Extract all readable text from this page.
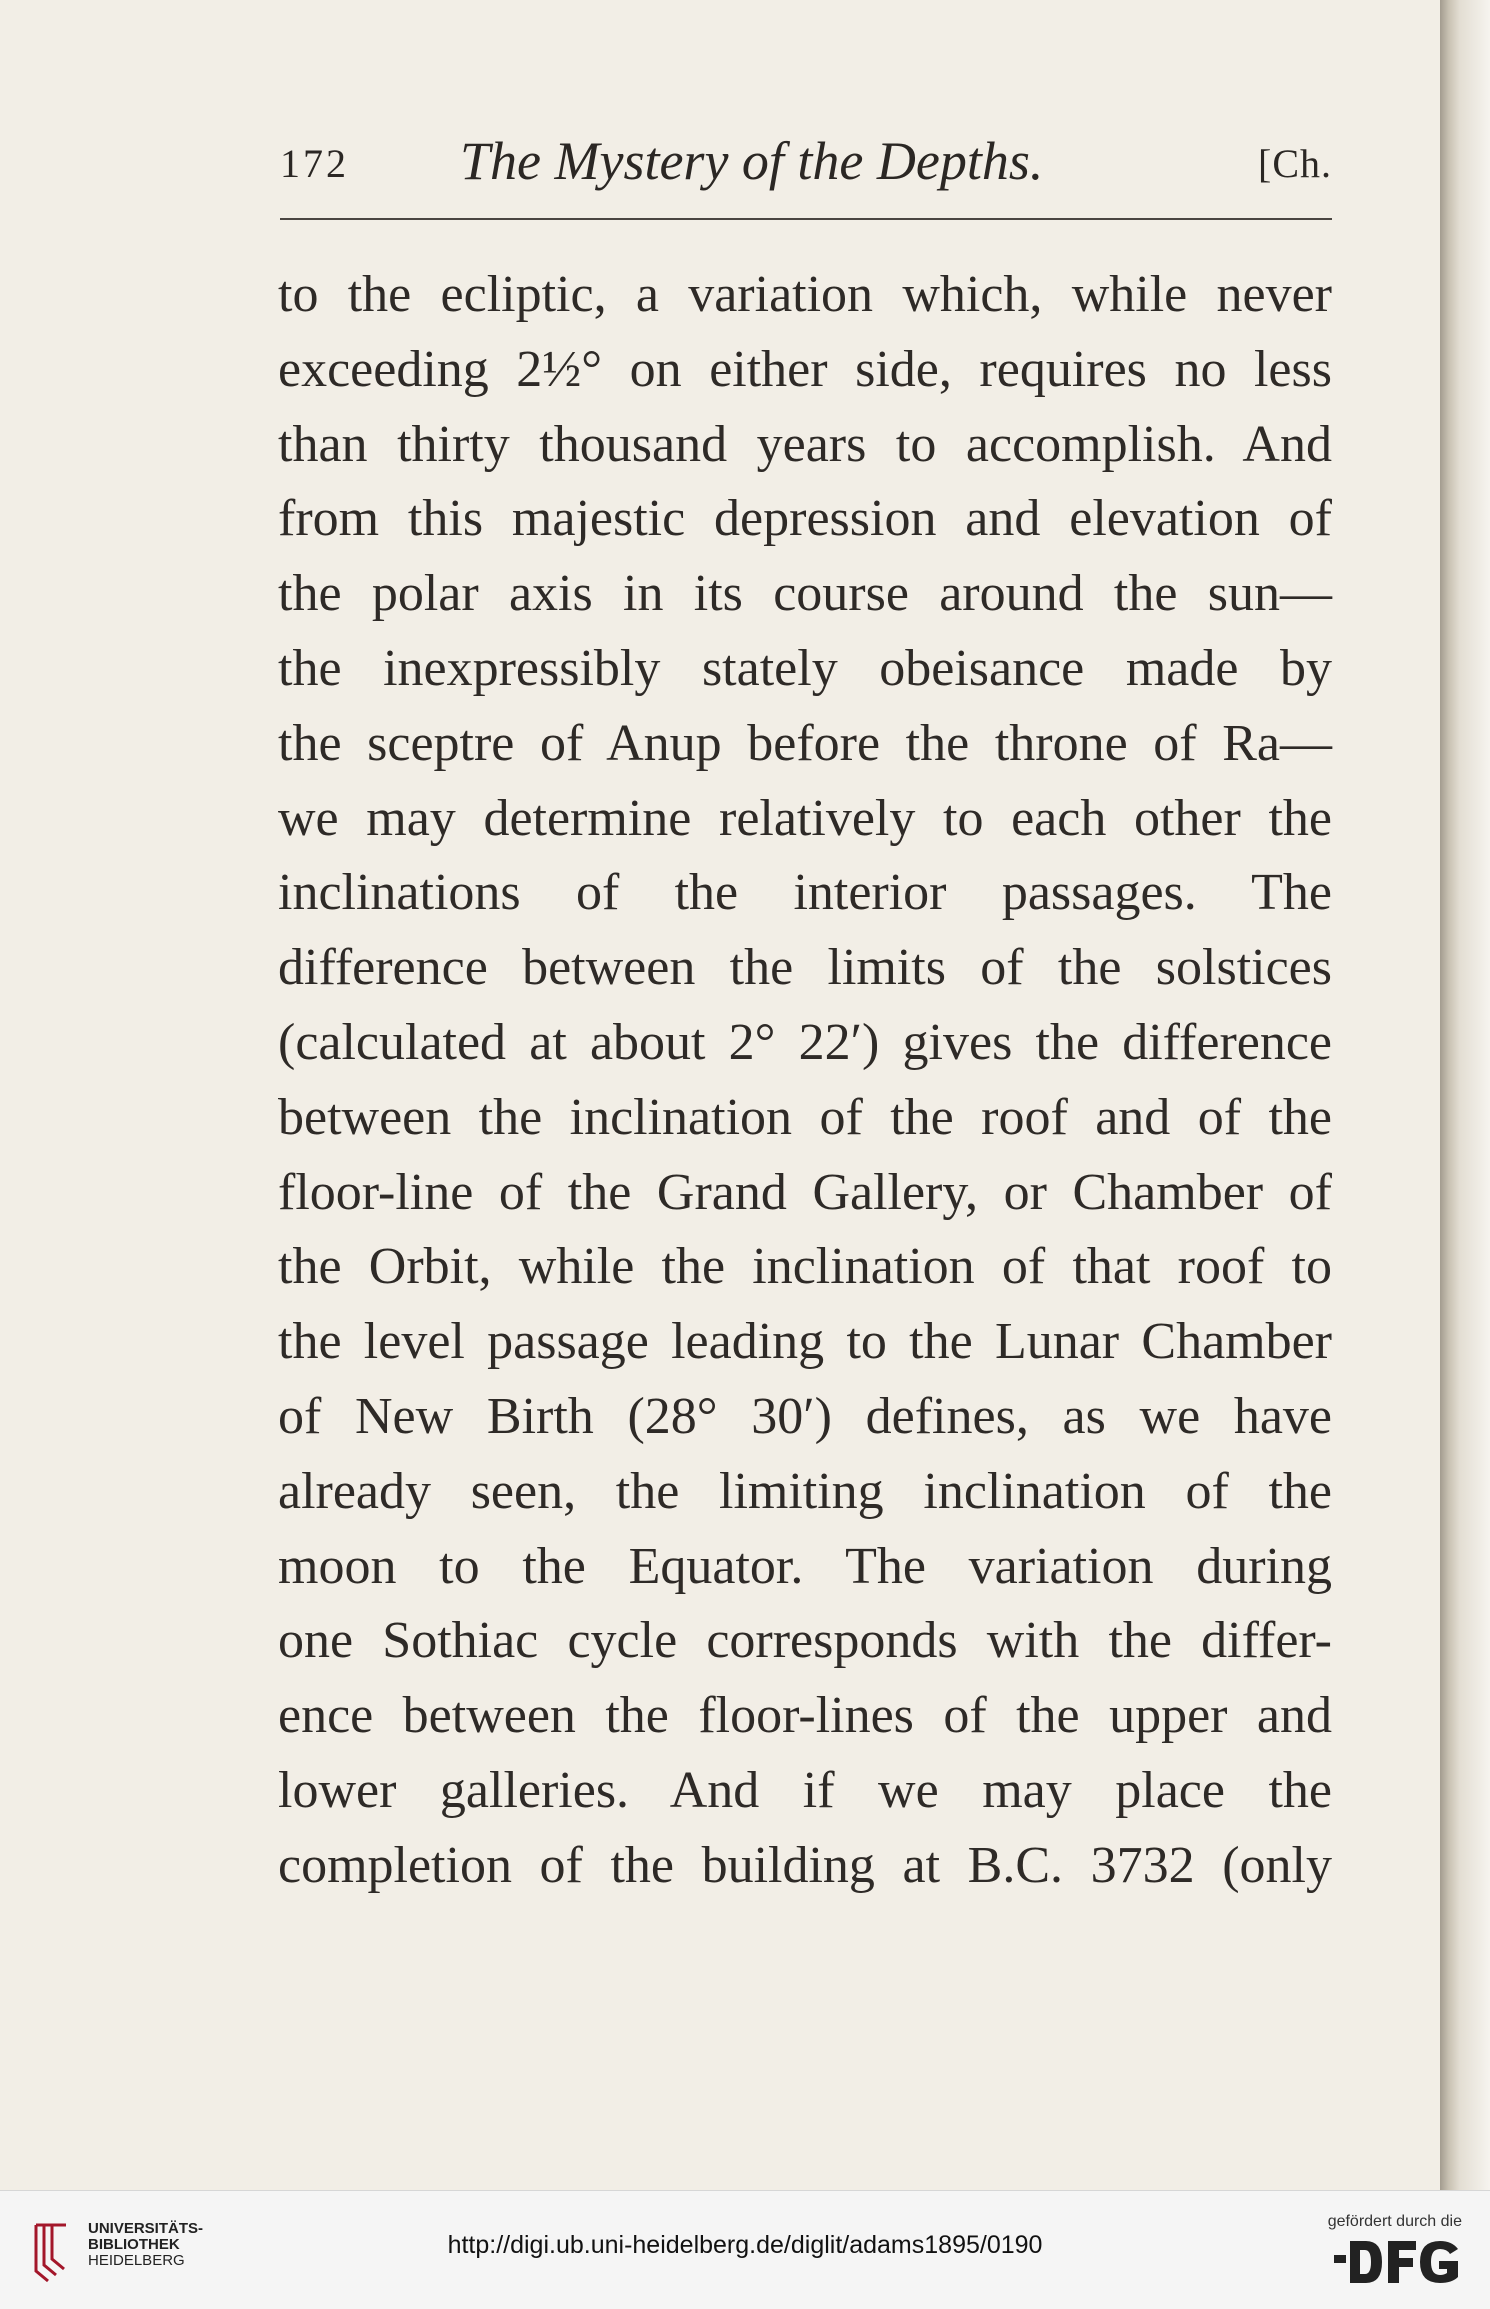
172 The Mystery of the Depths.	[Ch.
to the ecliptic, a variation which, while never
exceeding 2½° on either side, requires no less
than thirty thousand years to accomplish. And
from this majestic depression and elevation of
the polar axis in its course around the sun—
the inexpressibly stately obeisance made by
the sceptre of Anup before the throne of Ra—
we may determine relatively to each other the
inclinations of the interior passages. The
difference between the limits of the solstices
(calculated at about 2° 22′) gives the difference
between the inclination of the roof and of the
floor-line of the Grand Gallery, or Chamber of
the Orbit, while the inclination of that roof to
the level passage leading to the Lunar Chamber
of New Birth (28° 30′) defines, as we have
already seen, the limiting inclination of the
moon to the Equator. The variation during
one Sothiac cycle corresponds with the differ-
ence between the floor-lines of the upper and
lower galleries. And if we may place the
completion of the building at B.C. 3732 (only
UNIVERSITÄTS-
BIBLIOTHEK
HEIDELBERG
http://digi.ub.uni-heidelberg.de/diglit/adams1895/0190
gefördert durch die
